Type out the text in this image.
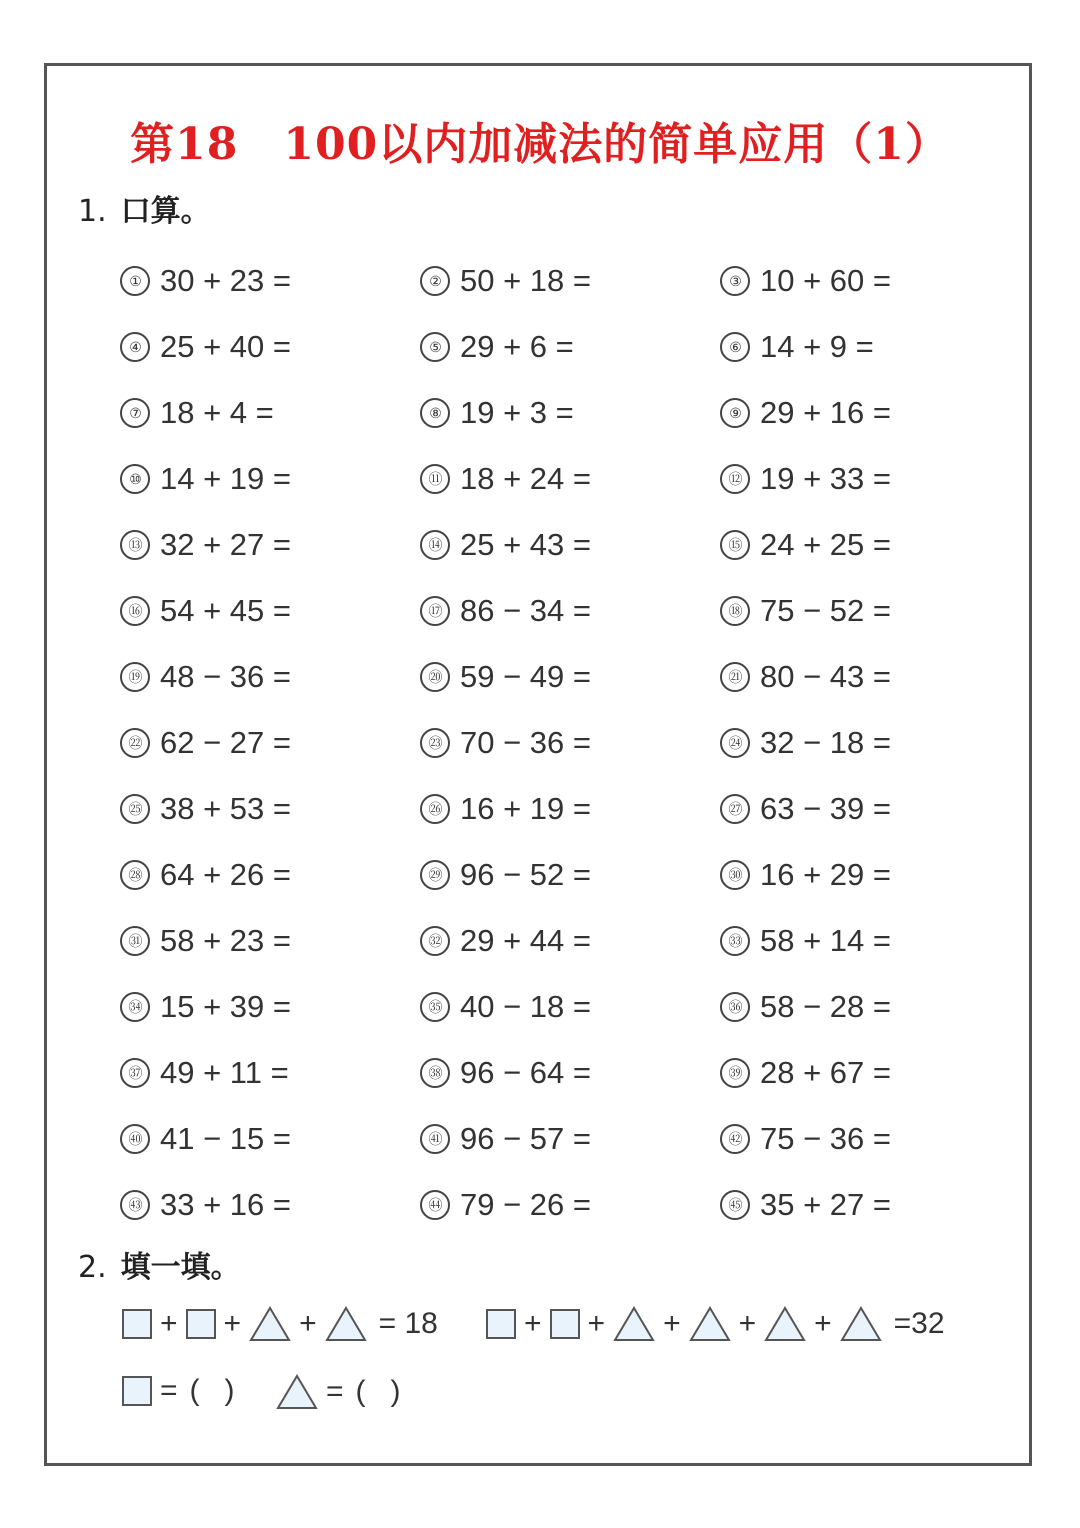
第18　100以内加减法的简单应用（1）
1. 口算。
① 30 + 23 =	② 50 + 18 =	③ 10 + 60 =
④ 25 + 40 =	⑤ 29 + 6 =	⑥ 14 + 9 =
⑦ 18 + 4 =	⑧ 19 + 3 =	⑨ 29 + 16 =
⑩ 14 + 19 =	⑪ 18 + 24 =	⑫ 19 + 33 =
⑬ 32 + 27 =	⑭ 25 + 43 =	⑮ 24 + 25 =
⑯ 54 + 45 =	⑰ 86 − 34 =	⑱ 75 − 52 =
⑲ 48 − 36 =	⑳ 59 − 49 =	㉑ 80 − 43 =
㉒ 62 − 27 =	㉓ 70 − 36 =	㉔ 32 − 18 =
㉕ 38 + 53 =	㉖ 16 + 19 =	㉗ 63 − 39 =
㉘ 64 + 26 =	㉙ 96 − 52 =	㉚ 16 + 29 =
㉛ 58 + 23 =	㉜ 29 + 44 =	㉝ 58 + 14 =
㉞ 15 + 39 =	㉟ 40 − 18 =	㊱ 58 − 28 =
㊲ 49 + 11 =	㊳ 96 − 64 =	㊴ 28 + 67 =
㊵ 41 − 15 =	㊶ 96 − 57 =	㊷ 75 − 36 =
㊸ 33 + 16 =	㊹ 79 − 26 =	㊺ 35 + 27 =
2. 填一填。
+ + + = 18	+ + + + + =32
= (   )	= (   )
